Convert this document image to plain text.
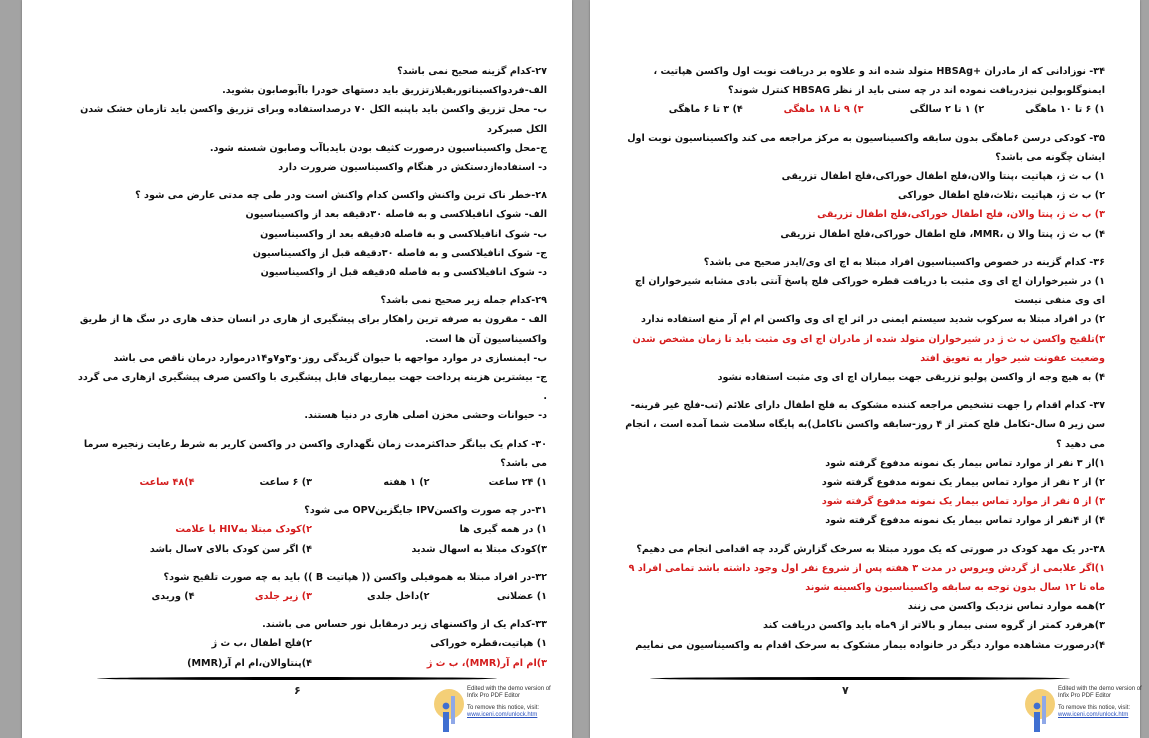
۲۷-کدام گزینه صحیح نمی باشد؟
الف-فردواکسیناتوربقیلا‌زتزریق باید دستهای خودرا باآبوصابون بشوید.
ب- محل تزریق واکسن باید باپنبه الکل ۷۰ درصداستفاده وبرای تزریق واکسن باید تازمان خشک شدن الکل صبرکرد
ج-محل واکسیناسیون درصورت کثیف بودن بایدباآب وصابون شسته شود.
د- استفاده‌ازدستکش در هنگام واکسیناسیون ضرورت دارد
۲۸-خطر ناک ترین واکنش واکسن کدام واکنش است ودر طی چه مدتی عارض می شود ؟
الف- شوک انافیلاکسی و به فاصله ۳۰دقیقه بعد از واکسیناسیون
ب- شوک انافیلاکسی و به فاصله ۵دقیقه بعد از واکسیناسیون
ج- شوک انافیلاکسی و به فاصله ۳۰دقیقه قبل از واکسیناسیون
د- شوک انافیلاکسی و به فاصله ۵دقیقه قبل از واکسیناسیون
۲۹-کدام جمله زیر صحیح نمی باشد؟
الف - مقرون به صرفه ترین راهکار برای پیشگیری از هاری در انسان حذف هاری در سگ ها از طریق واکسیناسیون آن ها است.
ب- ایمنسازی در موارد مواجهه با حیوان گزیدگی روز۰و۳و۷و۱۴درموارد درمان ناقص می باشد
ج- بیشترین هزینه پرداخت جهت بیماریهای قابل پیشگیری با واکسن صرف پیشگیری ازهاری می گردد .
د- حیوانات وحشی مخزن اصلی هاری در دنیا هستند.
۳۰- کدام یک بیانگر حداکثرمدت زمان نگهداری واکسن در واکسن کاریر به شرط رعایت زنجیره سرما می باشد؟
۱) ۲۴ ساعت
۲) ۱ هفته
۳) ۶ ساعت
۴)۴۸ ساعت
۳۱-در چه صورت واکسنIPV جایگزینOPV می شود؟
۱) در همه گیری ها
۲)کودک مبتلا بهHIV با علامت
۳)کودک مبتلا به اسهال شدید
۴) اگر سن کودک بالای ۷سال باشد
۳۲-در افراد مبتلا به هموفیلی واکسن (( هپاتیت B )) باید به چه صورت تلقیح شود؟
۱) عضلانی
۲)داخل جلدی
۳) زیر جلدی
۴) وریدی
۳۳-کدام یک از واکسنهای زیر درمقابل نور حساس می باشند.
۱) هپاتیت،قطره خوراکی
۲)فلج اطفال ،ب ث ژ
۳)ام ام آر(MMR)، ب ث ژ
۴)پنتاوالان،ام ام آر(MMR)
۶	Edited with the demo version of
Infix Pro PDF Editor
To remove this notice, visit:
www.iceni.com/unlock.htm
۳۴- نوزادانی که از مادران +HBSAg متولد شده اند و علاوه بر دریافت نوبت اول واکسن هپاتیت ، ایمنوگلوبولین نیزدریافت نموده اند در چه سنی باید از نظر HBSAG کنترل شوند؟
۱) ۶ تا ۱۰ ماهگی
۲) ۱ تا ۲ سالگی
۳) ۹ تا ۱۸ ماهگی
۴) ۳ تا ۶ ماهگی
۳۵- کودکی درسن ۶ماهگی بدون سابقه واکسیناسیون به مرکز مراجعه می کند واکسیناسیون نوبت اول ایشان چگونه می باشد؟
۱) ب ث ژ، هپاتیت ،پنتا والان،فلج اطفال خوراکی،فلج اطفال تزریقی
۲) ب ث ژ، هپاتیت ،ثلاث،فلج اطفال خوراکی
۳) ب ث ژ، پنتا والان، فلج اطفال خوراکی،فلج اطفال تزریقی
۴) ب ث ژ، پنتا والا ن ،MMR، فلج اطفال خوراکی،فلج اطفال تزریقی
۳۶- کدام گزینه در خصوص واکسیناسیون افراد مبتلا به اچ ای وی/ایدز صحیح می باشد؟
۱) در شیرخواران اچ ای وی مثبت با دریافت قطره خوراکی فلج پاسخ آنتی بادی مشابه شیرخواران اچ ای وی منفی نیست
۲) در افراد مبتلا به سرکوب شدید سیستم ایمنی در اثر اچ ای وی واکسن ام ام آر منع استفاده ندارد
۳)تلقیح واکسن ب ث ژ در شیرخواران متولد شده از مادران اچ ای وی مثبت باید تا زمان مشخص شدن وضعیت عفونت شیر خوار به تعویق افتد
۴) به هیچ وجه از واکسن پولیو تزریقی جهت بیماران اچ ای وی مثبت استفاده نشود
۳۷- کدام اقدام را جهت تشخیص مراجعه کننده مشکوک به فلج اطفال دارای علائم (تب-فلج غیر قرینه-سن زیر ۵ سال-تکامل فلج کمتر از ۴ روز-سابقه واکسن ناکامل)به پایگاه سلامت شما آمده است ، انجام می دهید ؟
۱)از ۳ نفر از موارد تماس بیمار یک نمونه مدفوع گرفته شود
۲) از ۲ نفر از موارد تماس بیمار یک نمونه مدفوع گرفته شود
۳) از ۵ نفر از موارد تماس بیمار یک نمونه مدفوع گرفته شود
۴) از ۴نفر از موارد تماس بیمار یک نمونه مدفوع گرفته شود
۳۸-در یک مهد کودک در صورتی که یک مورد مبتلا به سرخک گزارش گردد چه اقدامی انجام می دهیم؟
۱)اگر علایمی از گردش ویروس در مدت ۳ هفته پس از شروع نفر اول وجود داشته باشد تمامی افراد ۹ ماه تا ۱۲ سال بدون توجه به سابقه واکسیناسیون واکسینه شوند
۲)همه موارد تماس نزدیک واکسن می زنند
۳)هرفرد کمتر از گروه سنی بیمار و بالاتر از ۹ماه باید واکسن دریافت کند
۴)درصورت مشاهده موارد دیگر در خانواده بیمار مشکوک به سرخک اقدام به واکسیناسیون می نماییم
۷	Edited with the demo version of
Infix Pro PDF Editor
To remove this notice, visit:
www.iceni.com/unlock.htm
